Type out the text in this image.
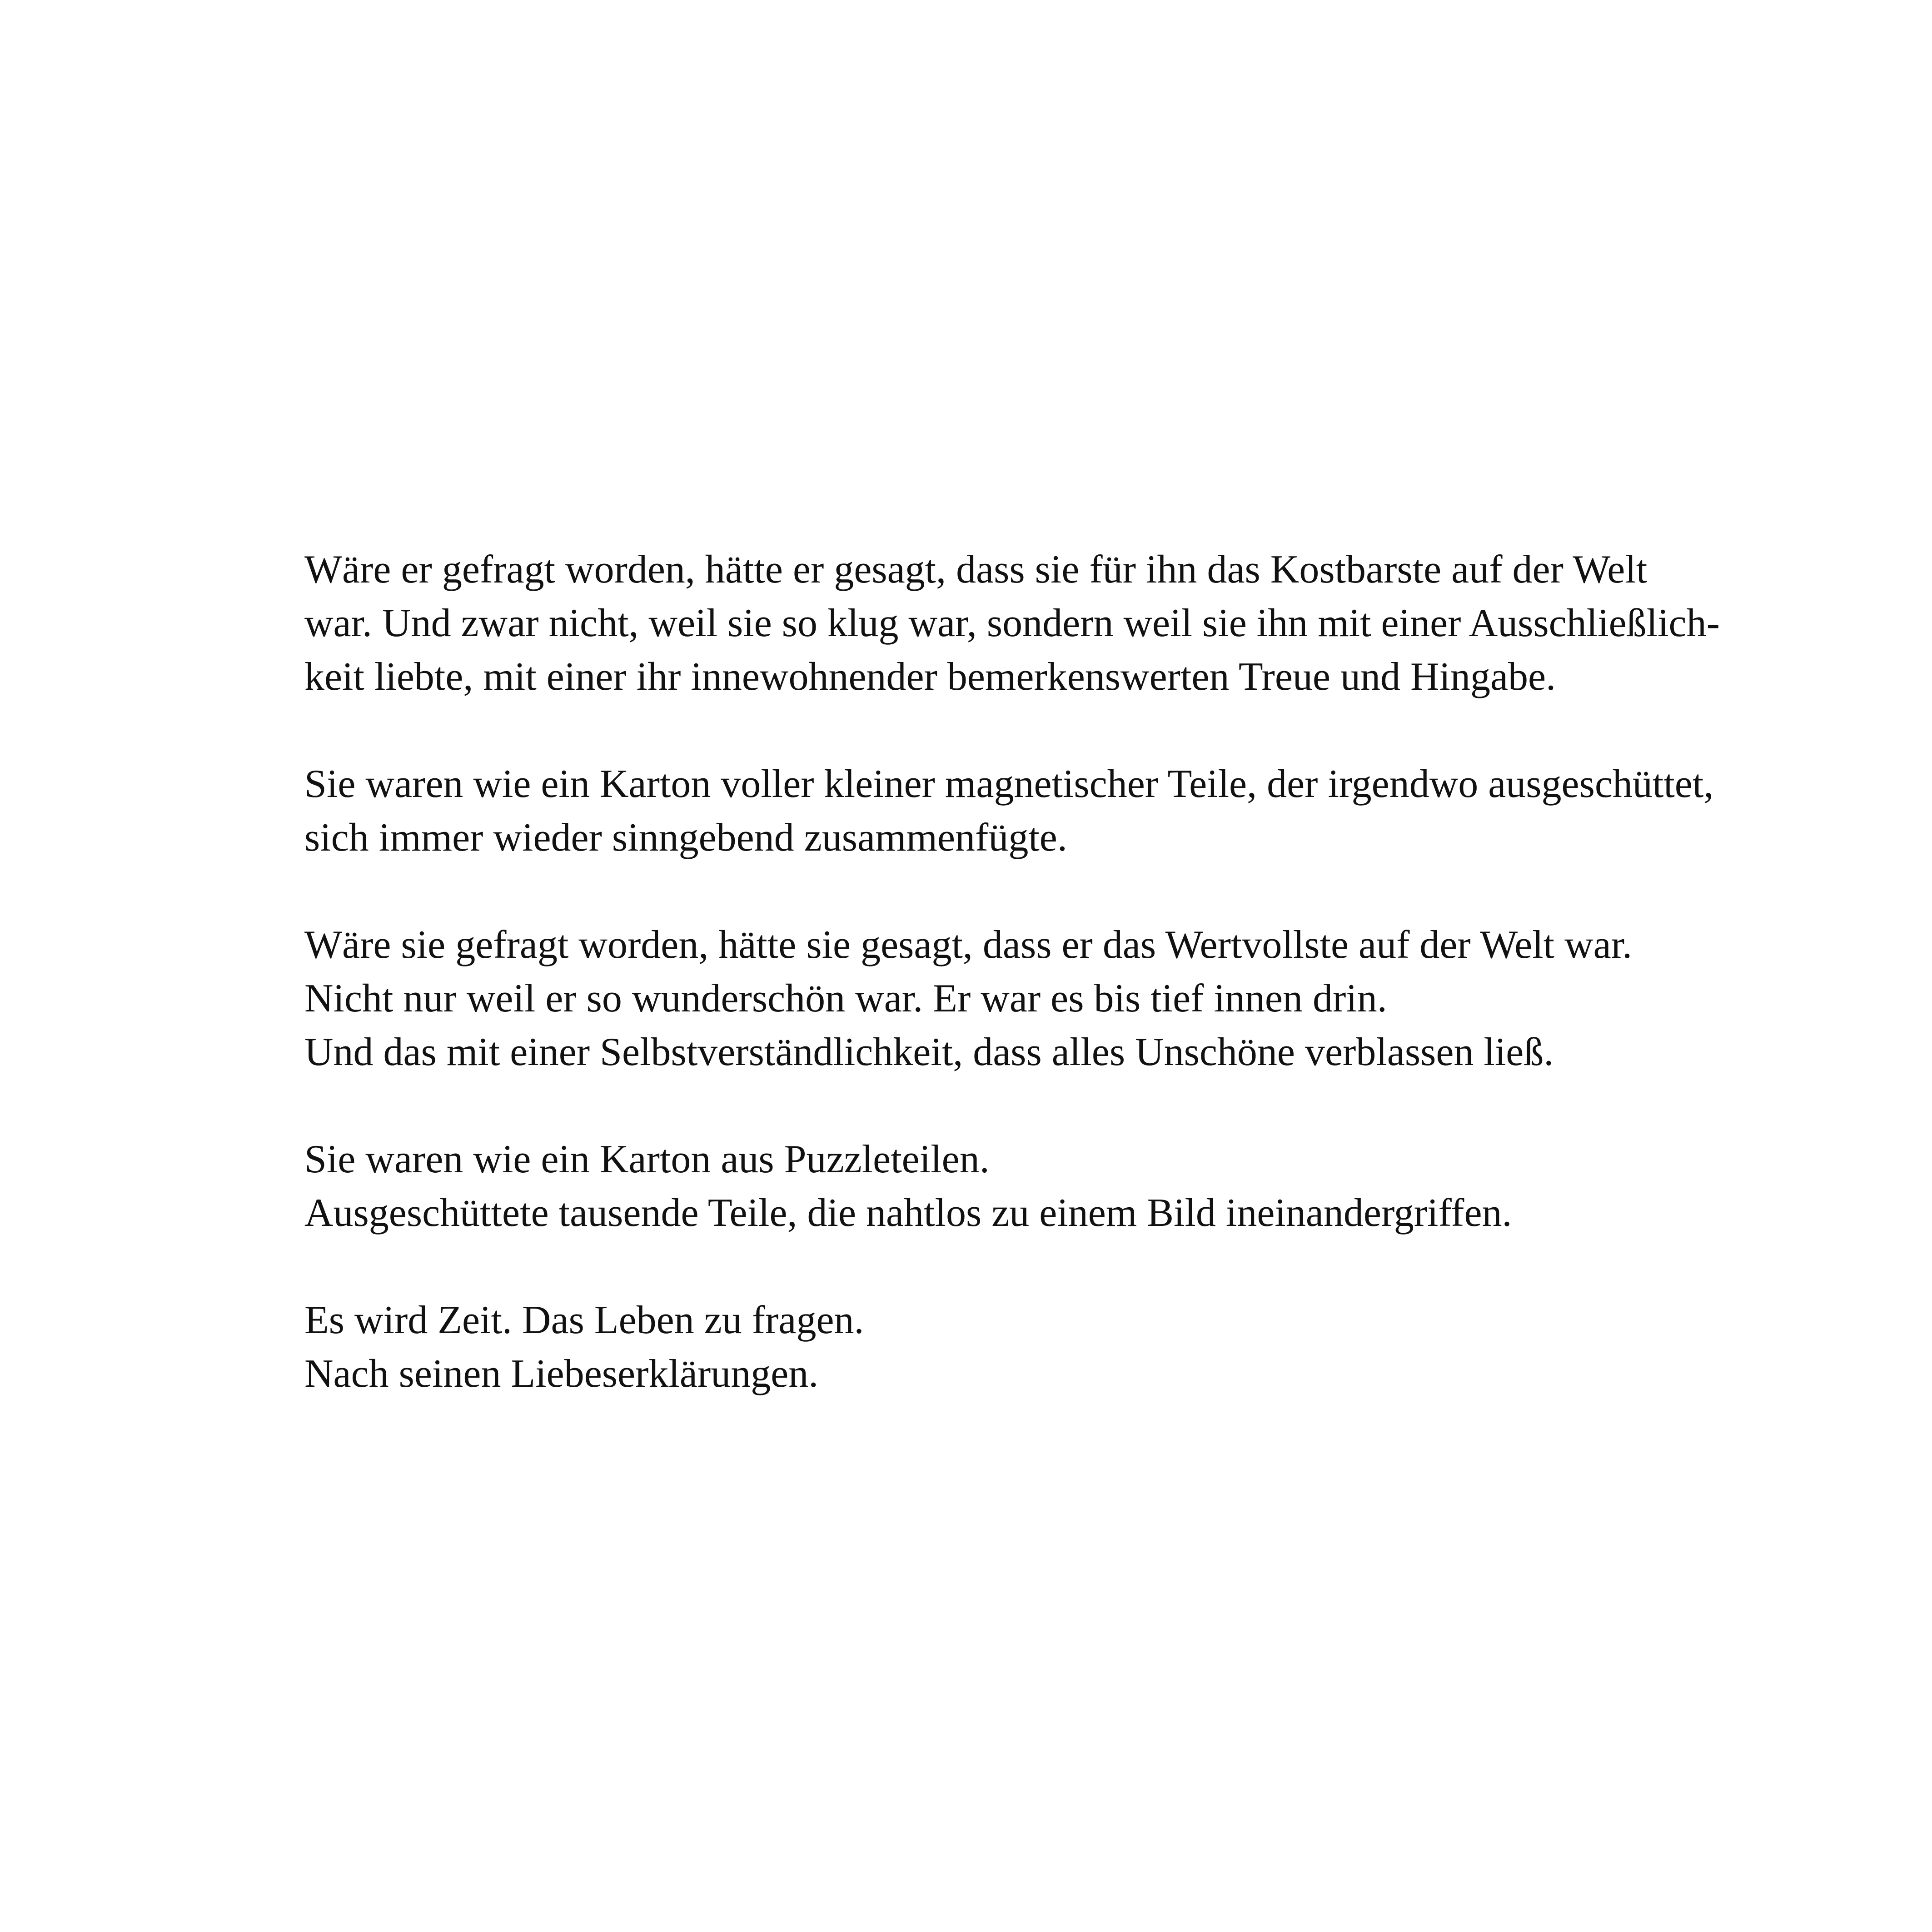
Wäre er gefragt worden, hätte er gesagt, dass sie für ihn das Kostbarste auf der Welt
war. Und zwar nicht, weil sie so klug war, sondern weil sie ihn mit einer Ausschließlich-
keit liebte, mit einer ihr innewohnender bemerkenswerten Treue und Hingabe.

Sie waren wie ein Karton voller kleiner magnetischer Teile, der irgendwo ausgeschüttet,
sich immer wieder sinngebend zusammenfügte.

Wäre sie gefragt worden, hätte sie gesagt, dass er das Wertvollste auf der Welt war.
Nicht nur weil er so wunderschön war. Er war es bis tief innen drin.
Und das mit einer Selbstverständlichkeit, dass alles Unschöne verblassen ließ.

Sie waren wie ein Karton aus Puzzleteilen.
Ausgeschüttete tausende Teile, die nahtlos zu einem Bild ineinandergriffen.

Es wird Zeit. Das Leben zu fragen.
Nach seinen Liebeserklärungen.
